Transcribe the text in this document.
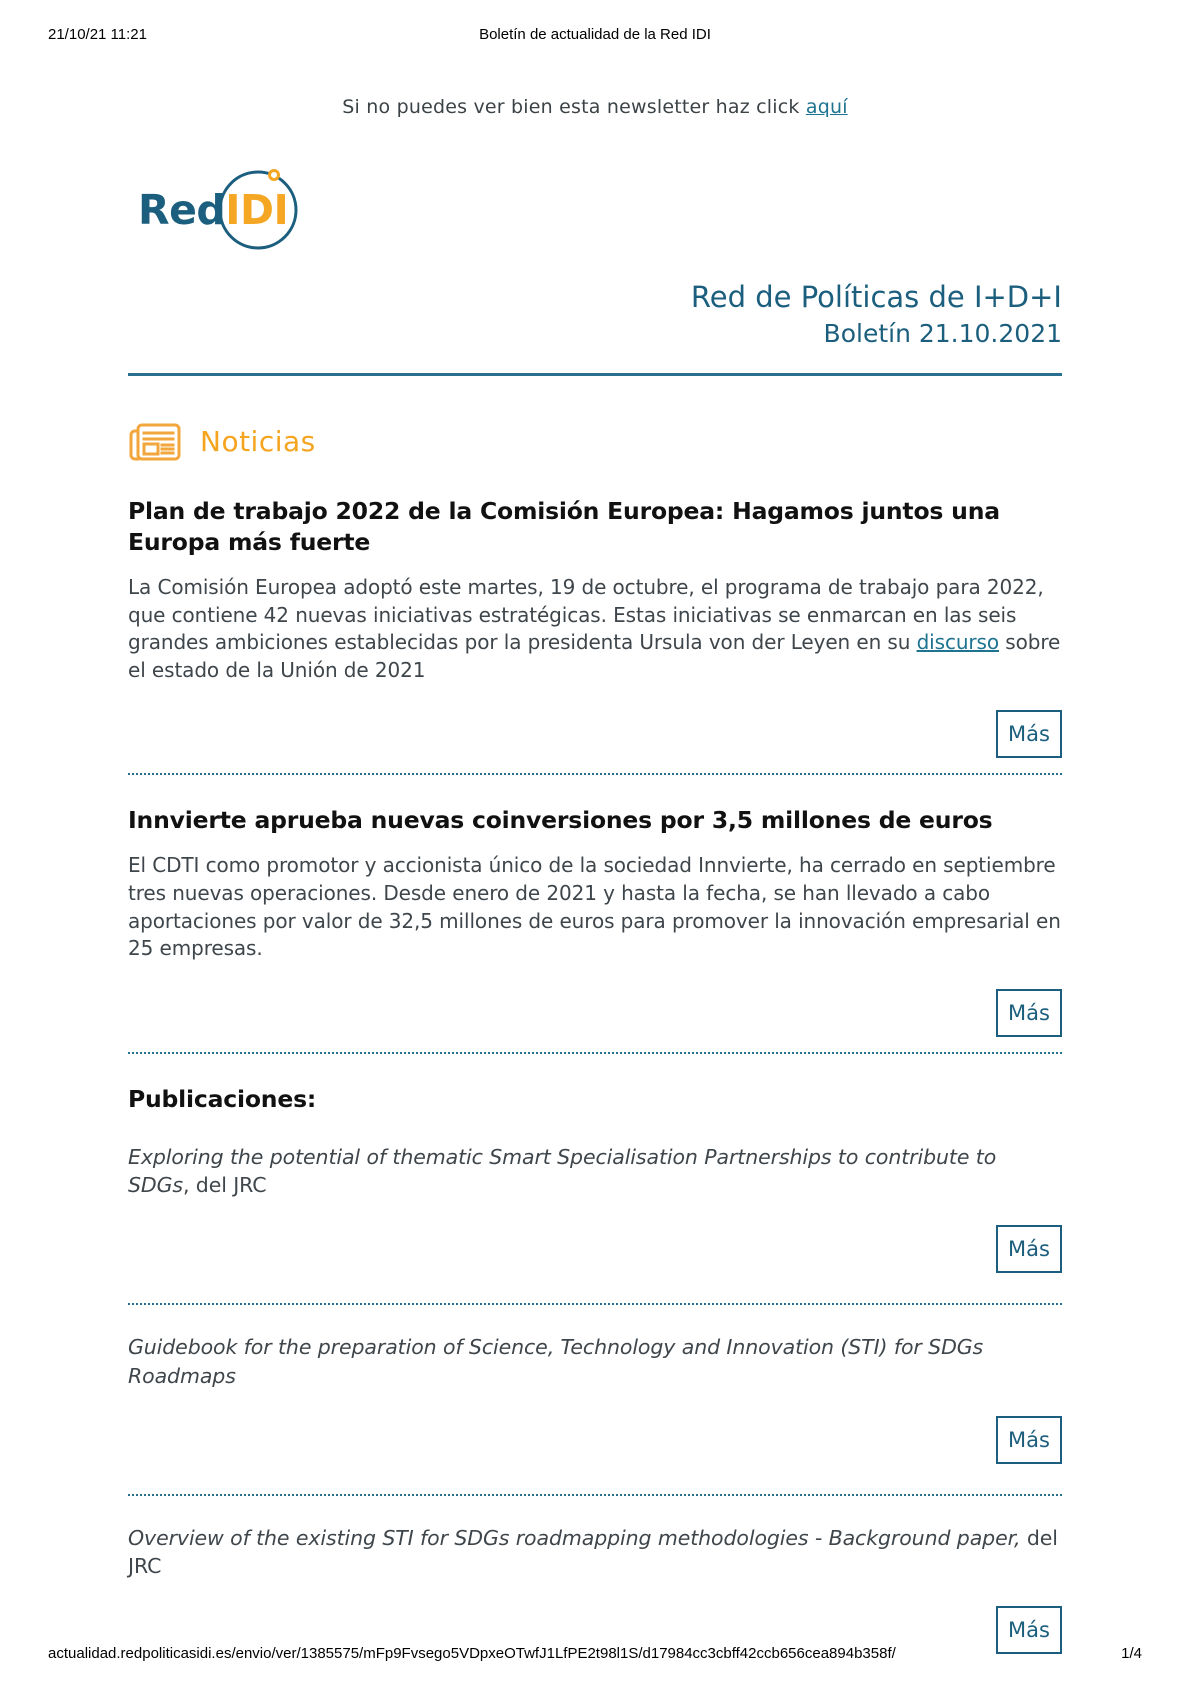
21/10/21 11:21	Boletín de actualidad de la Red IDI

Si no puedes ver bien esta newsletter haz click aquí

RedIDI
Red de Políticas de I+D+I
Boletín 21.10.2021
Noticias
Plan de trabajo 2022 de la Comisión Europea: Hagamos juntos una Europa más fuerte

La Comisión Europea adoptó este martes, 19 de octubre, el programa de trabajo para 2022, que contiene 42 nuevas iniciativas estratégicas. Estas iniciativas se enmarcan en las seis grandes ambiciones establecidas por la presidenta Ursula von der Leyen en su discurso sobre el estado de la Unión de 2021

Más
Innvierte aprueba nuevas coinversiones por 3,5 millones de euros

El CDTI como promotor y accionista único de la sociedad Innvierte, ha cerrado en septiembre tres nuevas operaciones. Desde enero de 2021 y hasta la fecha, se han llevado a cabo aportaciones por valor de 32,5 millones de euros para promover la innovación empresarial en 25 empresas.

Más
Publicaciones:

Exploring the potential of thematic Smart Specialisation Partnerships to contribute to SDGs, del JRC

Más

Guidebook for the preparation of Science, Technology and Innovation (STI) for SDGs Roadmaps

Más

Overview of the existing STI for SDGs roadmapping methodologies - Background paper, del JRC

Más
actualidad.redpoliticasidi.es/envio/ver/1385575/mFp9Fvsego5VDpxeOTwfJ1LfPE2t98l1S/d17984cc3cbff42ccb656cea894b358f/	1/4
